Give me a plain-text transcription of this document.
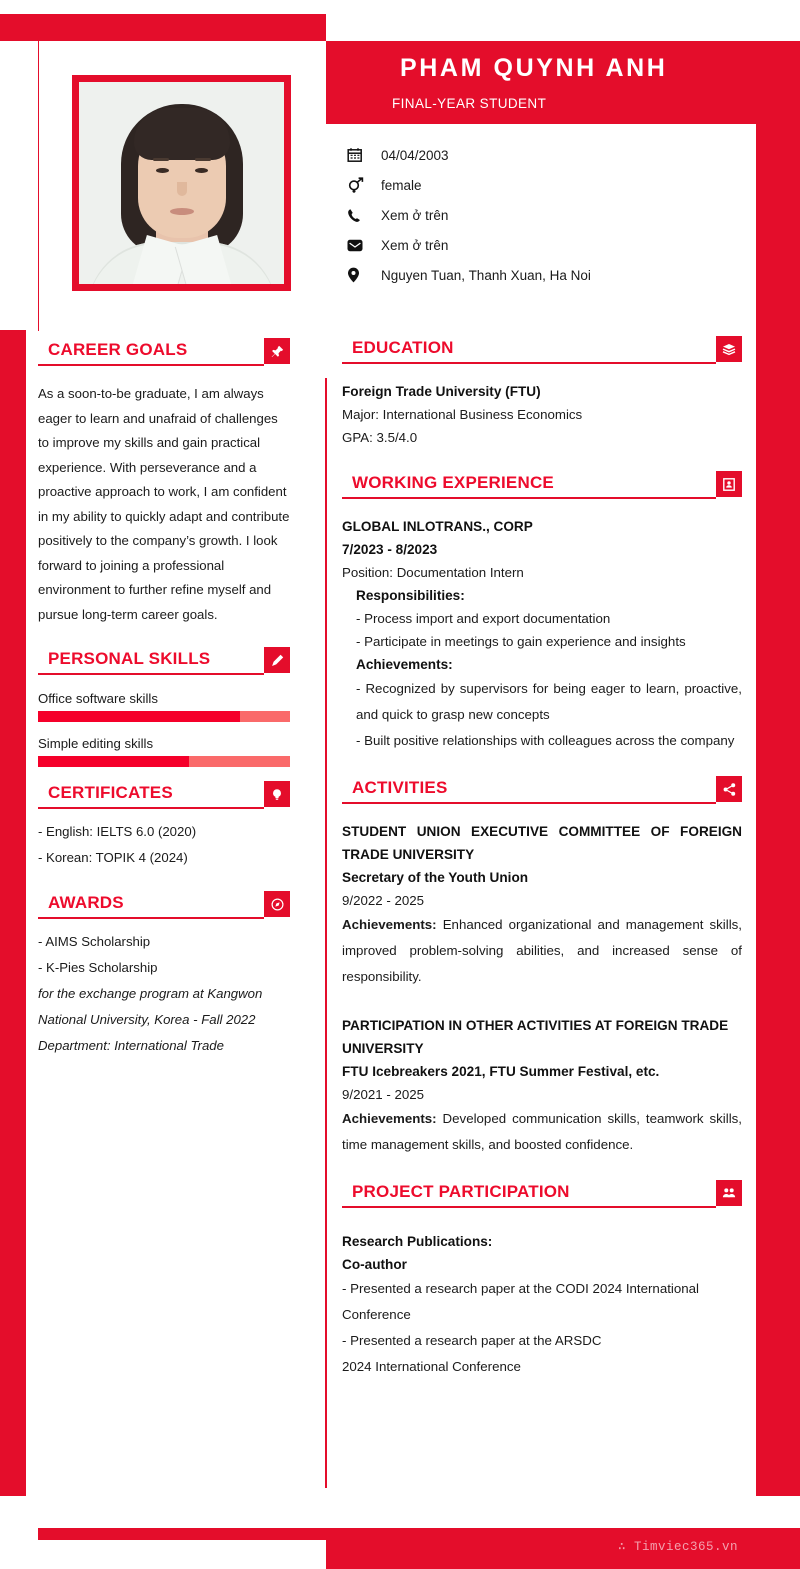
PHAM QUYNH ANH
FINAL-YEAR STUDENT
04/04/2003
female
Xem ở trên
Xem ở trên
Nguyen Tuan, Thanh Xuan, Ha Noi
CAREER GOALS
As a soon-to-be graduate, I am always eager to learn and unafraid of challenges to improve my skills and gain practical experience. With perseverance and a proactive approach to work, I am confident in my ability to quickly adapt and contribute positively to the company’s growth. I look forward to joining a professional environment to further refine myself and pursue long-term career goals.
PERSONAL SKILLS
Office software skills
Simple editing skills
CERTIFICATES
- English: IELTS 6.0 (2020)
- Korean: TOPIK 4 (2024)
AWARDS
- AIMS Scholarship
- K-Pies Scholarship
for the exchange program at Kangwon
National University, Korea - Fall 2022
Department: International Trade
EDUCATION
Foreign Trade University (FTU)
Major: International Business Economics
GPA: 3.5/4.0
WORKING EXPERIENCE
GLOBAL INLOTRANS., CORP
7/2023 - 8/2023
Position: Documentation Intern
Responsibilities:
- Process import and export documentation
- Participate in meetings to gain experience and insights
Achievements:
- Recognized by supervisors for being eager to learn, proactive, and quick to grasp new concepts
- Built positive relationships with colleagues across the company
ACTIVITIES
STUDENT UNION EXECUTIVE COMMITTEE OF FOREIGN TRADE UNIVERSITY
Secretary of the Youth Union
9/2022 - 2025
Achievements: Enhanced organizational and management skills, improved problem-solving abilities, and increased sense of responsibility.
PARTICIPATION IN OTHER ACTIVITIES AT FOREIGN TRADE UNIVERSITY
FTU Icebreakers 2021, FTU Summer Festival, etc.
9/2021 - 2025
Achievements: Developed communication skills, teamwork skills, time management skills, and boosted confidence.
PROJECT PARTICIPATION
Research Publications:
Co-author
- Presented a research paper at the CODI 2024 International Conference
- Presented a research paper at the ARSDC
2024 International Conference
∴ Timviec365.vn
